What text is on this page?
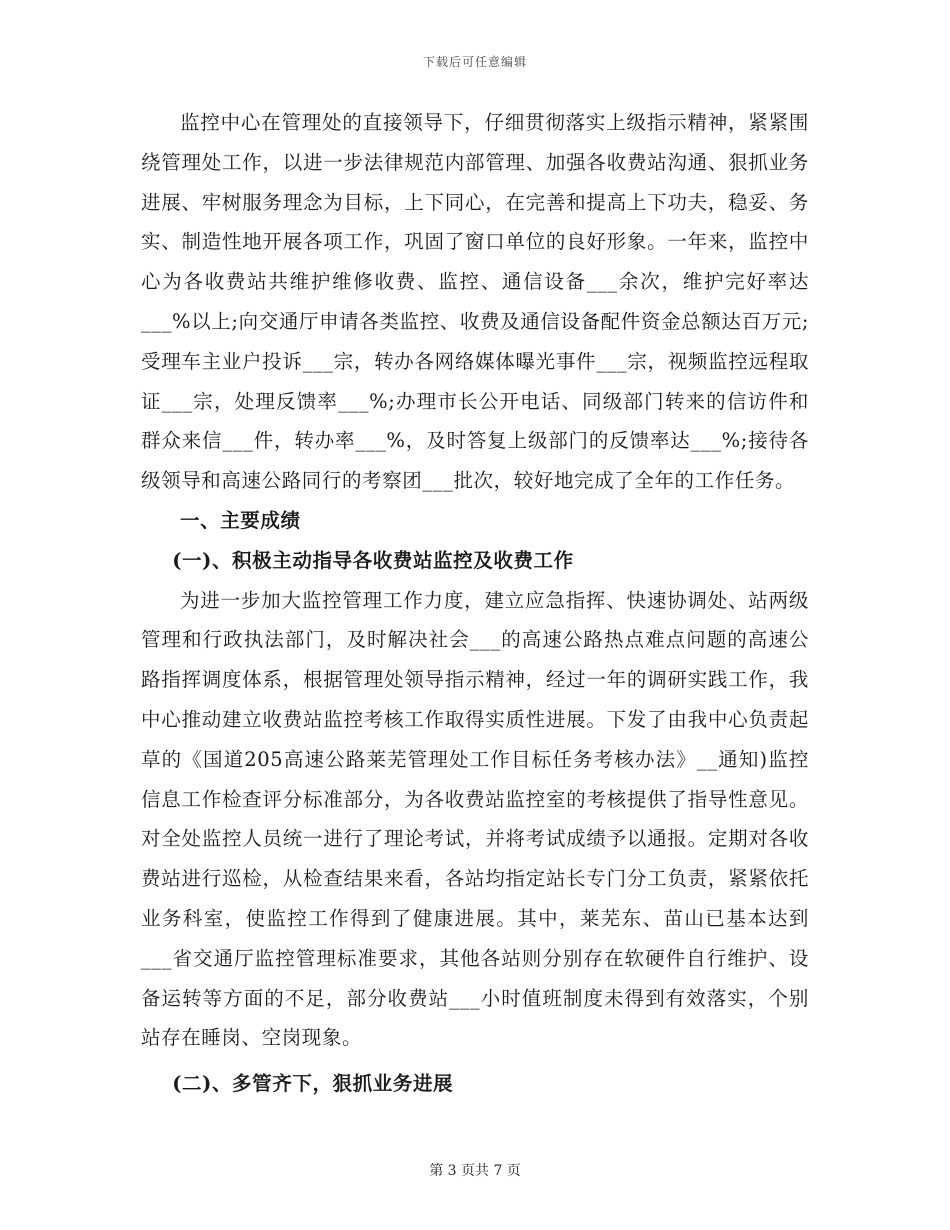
下载后可任意编辑

监控中心在管理处的直接领导下，仔细贯彻落实上级指示精神，紧紧围绕管理处工作，以进一步法律规范内部管理、加强各收费站沟通、狠抓业务进展、牢树服务理念为目标，上下同心，在完善和提高上下功夫，稳妥、务实、制造性地开展各项工作，巩固了窗口单位的良好形象。一年来，监控中心为各收费站共维护维修收费、监控、通信设备___余次，维护完好率达___%以上;向交通厅申请各类监控、收费及通信设备配件资金总额达百万元;受理车主业户投诉___宗，转办各网络媒体曝光事件___宗，视频监控远程取证___宗，处理反馈率___%;办理市长公开电话、同级部门转来的信访件和群众来信___件，转办率___%，及时答复上级部门的反馈率达___%;接待各级领导和高速公路同行的考察团___批次，较好地完成了全年的工作任务。

一、主要成绩

(一)、积极主动指导各收费站监控及收费工作

为进一步加大监控管理工作力度，建立应急指挥、快速协调处、站两级管理和行政执法部门，及时解决社会___的高速公路热点难点问题的高速公路指挥调度体系，根据管理处领导指示精神，经过一年的调研实践工作，我中心推动建立收费站监控考核工作取得实质性进展。下发了由我中心负责起草的《国道205高速公路莱芜管理处工作目标任务考核办法》__通知)监控信息工作检查评分标准部分，为各收费站监控室的考核提供了指导性意见。对全处监控人员统一进行了理论考试，并将考试成绩予以通报。定期对各收费站进行巡检，从检查结果来看，各站均指定站长专门分工负责，紧紧依托业务科室，使监控工作得到了健康进展。其中，莱芜东、苗山已基本达到___省交通厅监控管理标准要求，其他各站则分别存在软硬件自行维护、设备运转等方面的不足，部分收费站___小时值班制度未得到有效落实，个别站存在睡岗、空岗现象。

(二)、多管齐下，狠抓业务进展

第 3 页共 7 页
